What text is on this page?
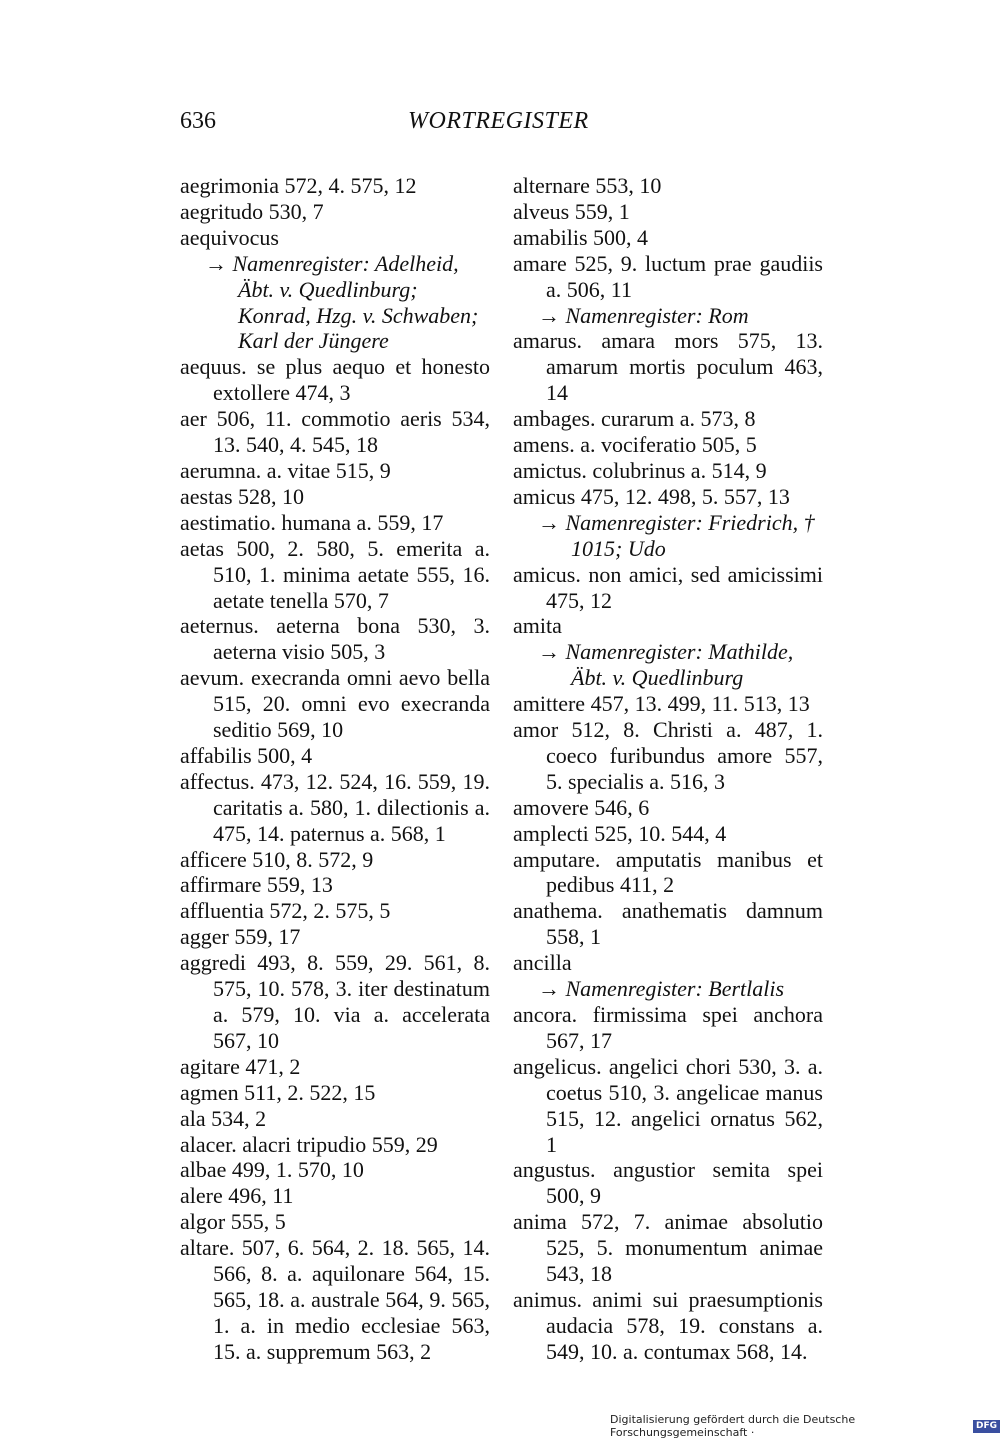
636	WORTREGISTER
aegrimonia 572, 4. 575, 12
aegritudo 530, 7
aequivocus
→ Namenregister: Adelheid, Äbt. v. Quedlinburg; Konrad, Hzg. v. Schwaben; Karl der Jüngere
aequus. se plus aequo et honesto extollere 474, 3
aer 506, 11. commotio aeris 534, 13. 540, 4. 545, 18
aerumna. a. vitae 515, 9
aestas 528, 10
aestimatio. humana a. 559, 17
aetas 500, 2. 580, 5. emerita a. 510, 1. minima aetate 555, 16. aetate tenella 570, 7
aeternus. aeterna bona 530, 3. aeterna visio 505, 3
aevum. execranda omni aevo bella 515, 20. omni evo execranda seditio 569, 10
affabilis 500, 4
affectus. 473, 12. 524, 16. 559, 19. caritatis a. 580, 1. dilectionis a. 475, 14. paternus a. 568, 1
afficere 510, 8. 572, 9
affirmare 559, 13
affluentia 572, 2. 575, 5
agger 559, 17
aggredi 493, 8. 559, 29. 561, 8. 575, 10. 578, 3. iter destinatum a. 579, 10. via a. accelerata 567, 10
agitare 471, 2
agmen 511, 2. 522, 15
ala 534, 2
alacer. alacri tripudio 559, 29
albae 499, 1. 570, 10
alere 496, 11
algor 555, 5
altare. 507, 6. 564, 2. 18. 565, 14. 566, 8. a. aquilonare 564, 15. 565, 18. a. australe 564, 9. 565, 1. a. in medio ecclesiae 563, 15. a. suppremum 563, 2
alternare 553, 10
alveus 559, 1
amabilis 500, 4
amare 525, 9. luctum prae gaudiis a. 506, 11
→ Namenregister: Rom
amarus. amara mors 575, 13. amarum mortis poculum 463, 14
ambages. curarum a. 573, 8
amens. a. vociferatio 505, 5
amictus. colubrinus a. 514, 9
amicus 475, 12. 498, 5. 557, 13
→ Namenregister: Friedrich, † 1015; Udo
amicus. non amici, sed amicissimi 475, 12
amita
→ Namenregister: Mathilde, Äbt. v. Quedlinburg
amittere 457, 13. 499, 11. 513, 13
amor 512, 8. Christi a. 487, 1. coeco furibundus amore 557, 5. specialis a. 516, 3
amovere 546, 6
amplecti 525, 10. 544, 4
amputare. amputatis manibus et pedibus 411, 2
anathema. anathematis damnum 558, 1
ancilla
→ Namenregister: Bertlalis
ancora. firmissima spei anchora 567, 17
angelicus. angelici chori 530, 3. a. coetus 510, 3. angelicae manus 515, 12. angelici ornatus 562, 1
angustus. angustior semita spei 500, 9
anima 572, 7. animae absolutio 525, 5. monumentum animae 543, 18
animus. animi sui praesumptionis audacia 578, 19. constans a. 549, 10. a. contumax 568, 14.
Digitalisierung gefördert durch die Deutsche Forschungsgemeinschaft ·
DFG
